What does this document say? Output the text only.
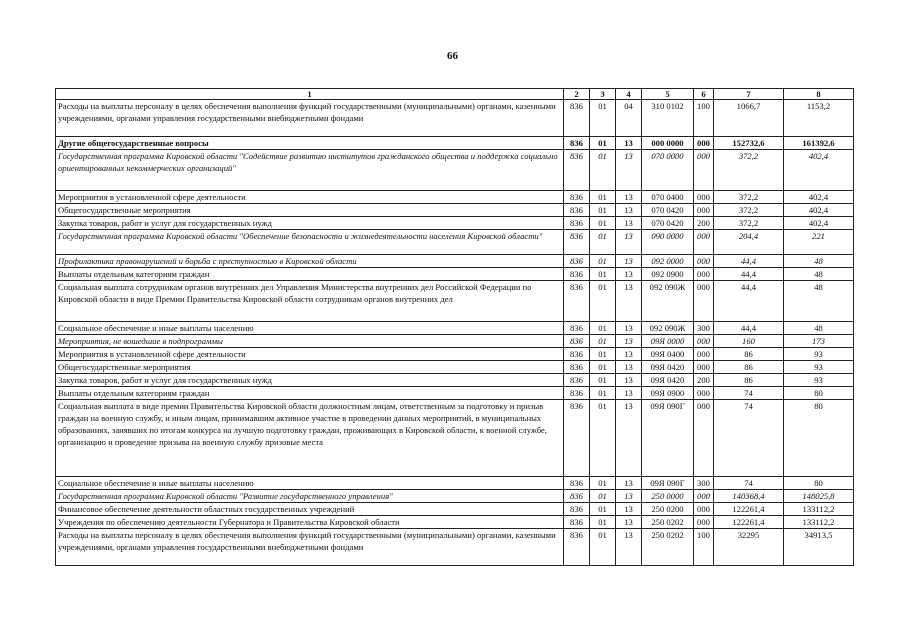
66
1	2	3	4	5	6	7	8
Расходы на выплаты персоналу в целях обеспечения выполнения функций государственными (муниципальными) органами, казенными учреждениями, органами управления государственными внебюджетными фондами	836	01	04	310 0102	100	1066,7	1153,2
Другие общегосударственные вопросы	836	01	13	000 0000	000	152732,6	161392,6
Государственная программа Кировской области "Содействие развитию институтов гражданского общества и поддержка социально ориентированных некоммерческих организаций"	836	01	13	070 0000	000	372,2	402,4
Мероприятия в установленной сфере деятельности	836	01	13	070 0400	000	372,2	402,4
Общегосударственные мероприятия	836	01	13	070 0420	000	372,2	402,4
Закупка товаров, работ и услуг для государственных нужд	836	01	13	070 0420	200	372,2	402,4
Государственная программа Кировской области "Обеспечение безопасности и жизнедеятельности населения Кировской области"	836	01	13	090 0000	000	204,4	221
Профилактика правонарушений и борьба с преступностью в Кировской области	836	01	13	092 0000	000	44,4	48
Выплаты отдельным категориям граждан	836	01	13	092 0900	000	44,4	48
Социальная выплата сотрудникам органов внутренних дел Управления Министерства внутренних дел Российской Федерации по Кировской области в виде Премии Правительства Кировской области сотрудникам органов внутренних дел	836	01	13	092 090Ж	000	44,4	48
Социальное обеспечение и иные выплаты населению	836	01	13	092 090Ж	300	44,4	48
Мероприятия, не вошедшие в подпрограммы	836	01	13	09Я 0000	000	160	173
Мероприятия в установленной сфере деятельности	836	01	13	09Я 0400	000	86	93
Общегосударственные мероприятия	836	01	13	09Я 0420	000	86	93
Закупка товаров, работ и услуг для государственных нужд	836	01	13	09Я 0420	200	86	93
Выплаты отдельным категориям граждан	836	01	13	09Я 0900	000	74	80
Социальная выплата в виде премии Правительства Кировской области должностным лицам, ответственным за подготовку и призыв граждан на военную службу, и иным лицам, принимавшим активное участие в проведении данных мероприятий, в муниципальных образованиях, занявших по итогам конкурса на лучшую подготовку граждан, проживающих в Кировской области, к военной службе, организацию и проведение призыва на военную службу призовые места	836	01	13	09Я 090Г	000	74	80
Социальное обеспечение и иные выплаты населению	836	01	13	09Я 090Г	300	74	80
Государственная программа Кировской области "Развитие государственного управления"	836	01	13	250 0000	000	140368,4	148025,8
Финансовое обеспечение деятельности областных государственных учреждений	836	01	13	250 0200	000	122261,4	133112,2
Учреждения по обеспечению деятельности Губернатора и Правительства Кировской области	836	01	13	250 0202	000	122261,4	133112,2
Расходы на выплаты персоналу в целях обеспечения выполнения функций государственными (муниципальными) органами, казенными учреждениями, органами управления государственными внебюджетными фондами	836	01	13	250 0202	100	32295	34913,5
